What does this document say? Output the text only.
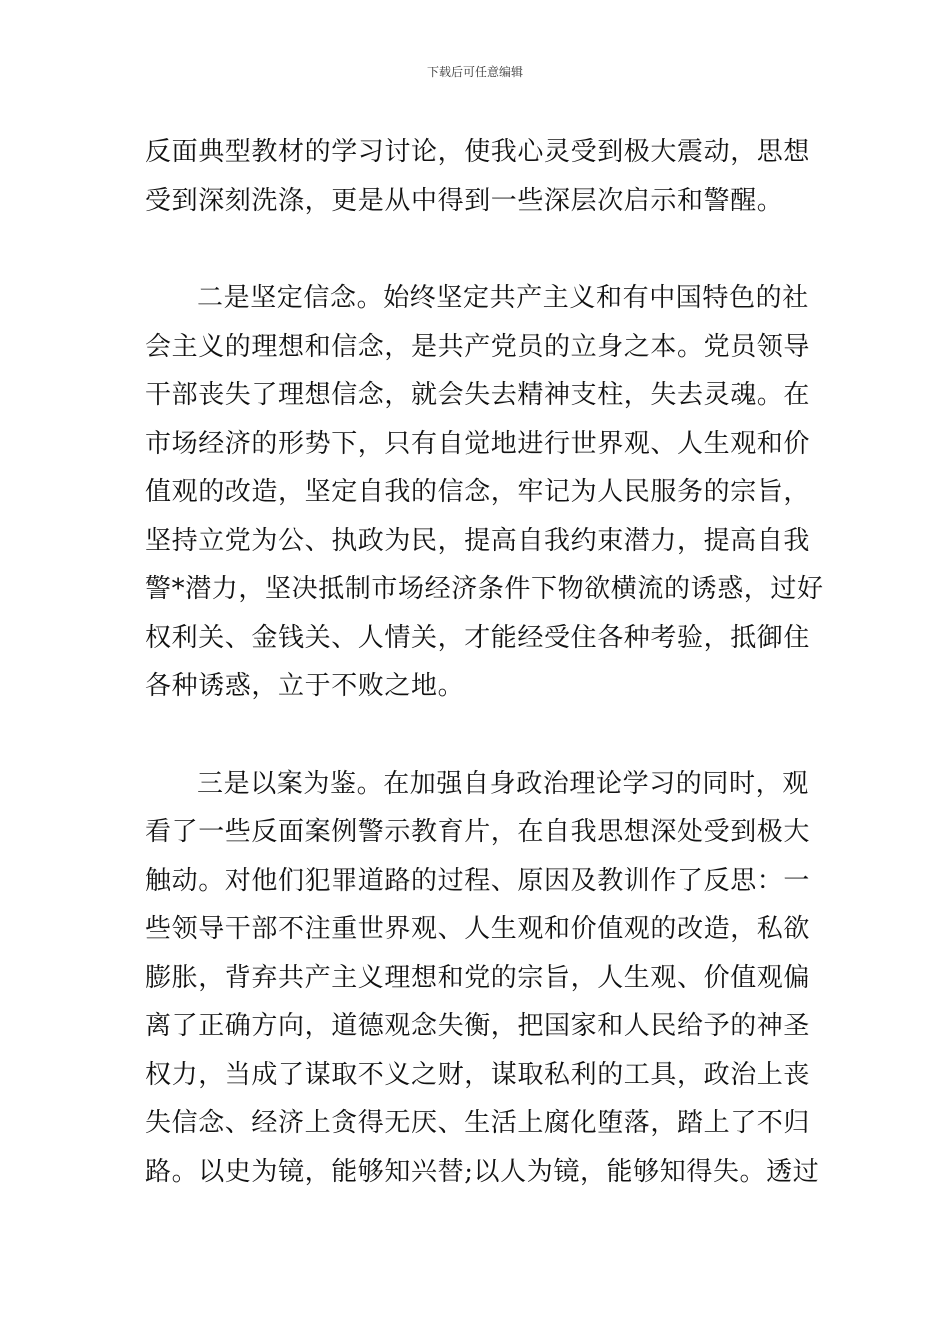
下载后可任意编辑
反面典型教材的学习讨论，使我心灵受到极大震动，思想
受到深刻洗涤，更是从中得到一些深层次启示和警醒。
二是坚定信念。始终坚定共产主义和有中国特色的社
会主义的理想和信念，是共产党员的立身之本。党员领导
干部丧失了理想信念，就会失去精神支柱，失去灵魂。在
市场经济的形势下，只有自觉地进行世界观、人生观和价
值观的改造，坚定自我的信念，牢记为人民服务的宗旨，
坚持立党为公、执政为民，提高自我约束潜力，提高自我
警*潜力，坚决抵制市场经济条件下物欲横流的诱惑，过好
权利关、金钱关、人情关，才能经受住各种考验，抵御住
各种诱惑，立于不败之地。
三是以案为鉴。在加强自身政治理论学习的同时，观
看了一些反面案例警示教育片，在自我思想深处受到极大
触动。对他们犯罪道路的过程、原因及教训作了反思：一
些领导干部不注重世界观、人生观和价值观的改造，私欲
膨胀，背弃共产主义理想和党的宗旨，人生观、价值观偏
离了正确方向，道德观念失衡，把国家和人民给予的神圣
权力，当成了谋取不义之财，谋取私利的工具，政治上丧
失信念、经济上贪得无厌、生活上腐化堕落，踏上了不归
路。以史为镜，能够知兴替;以人为镜，能够知得失。透过
